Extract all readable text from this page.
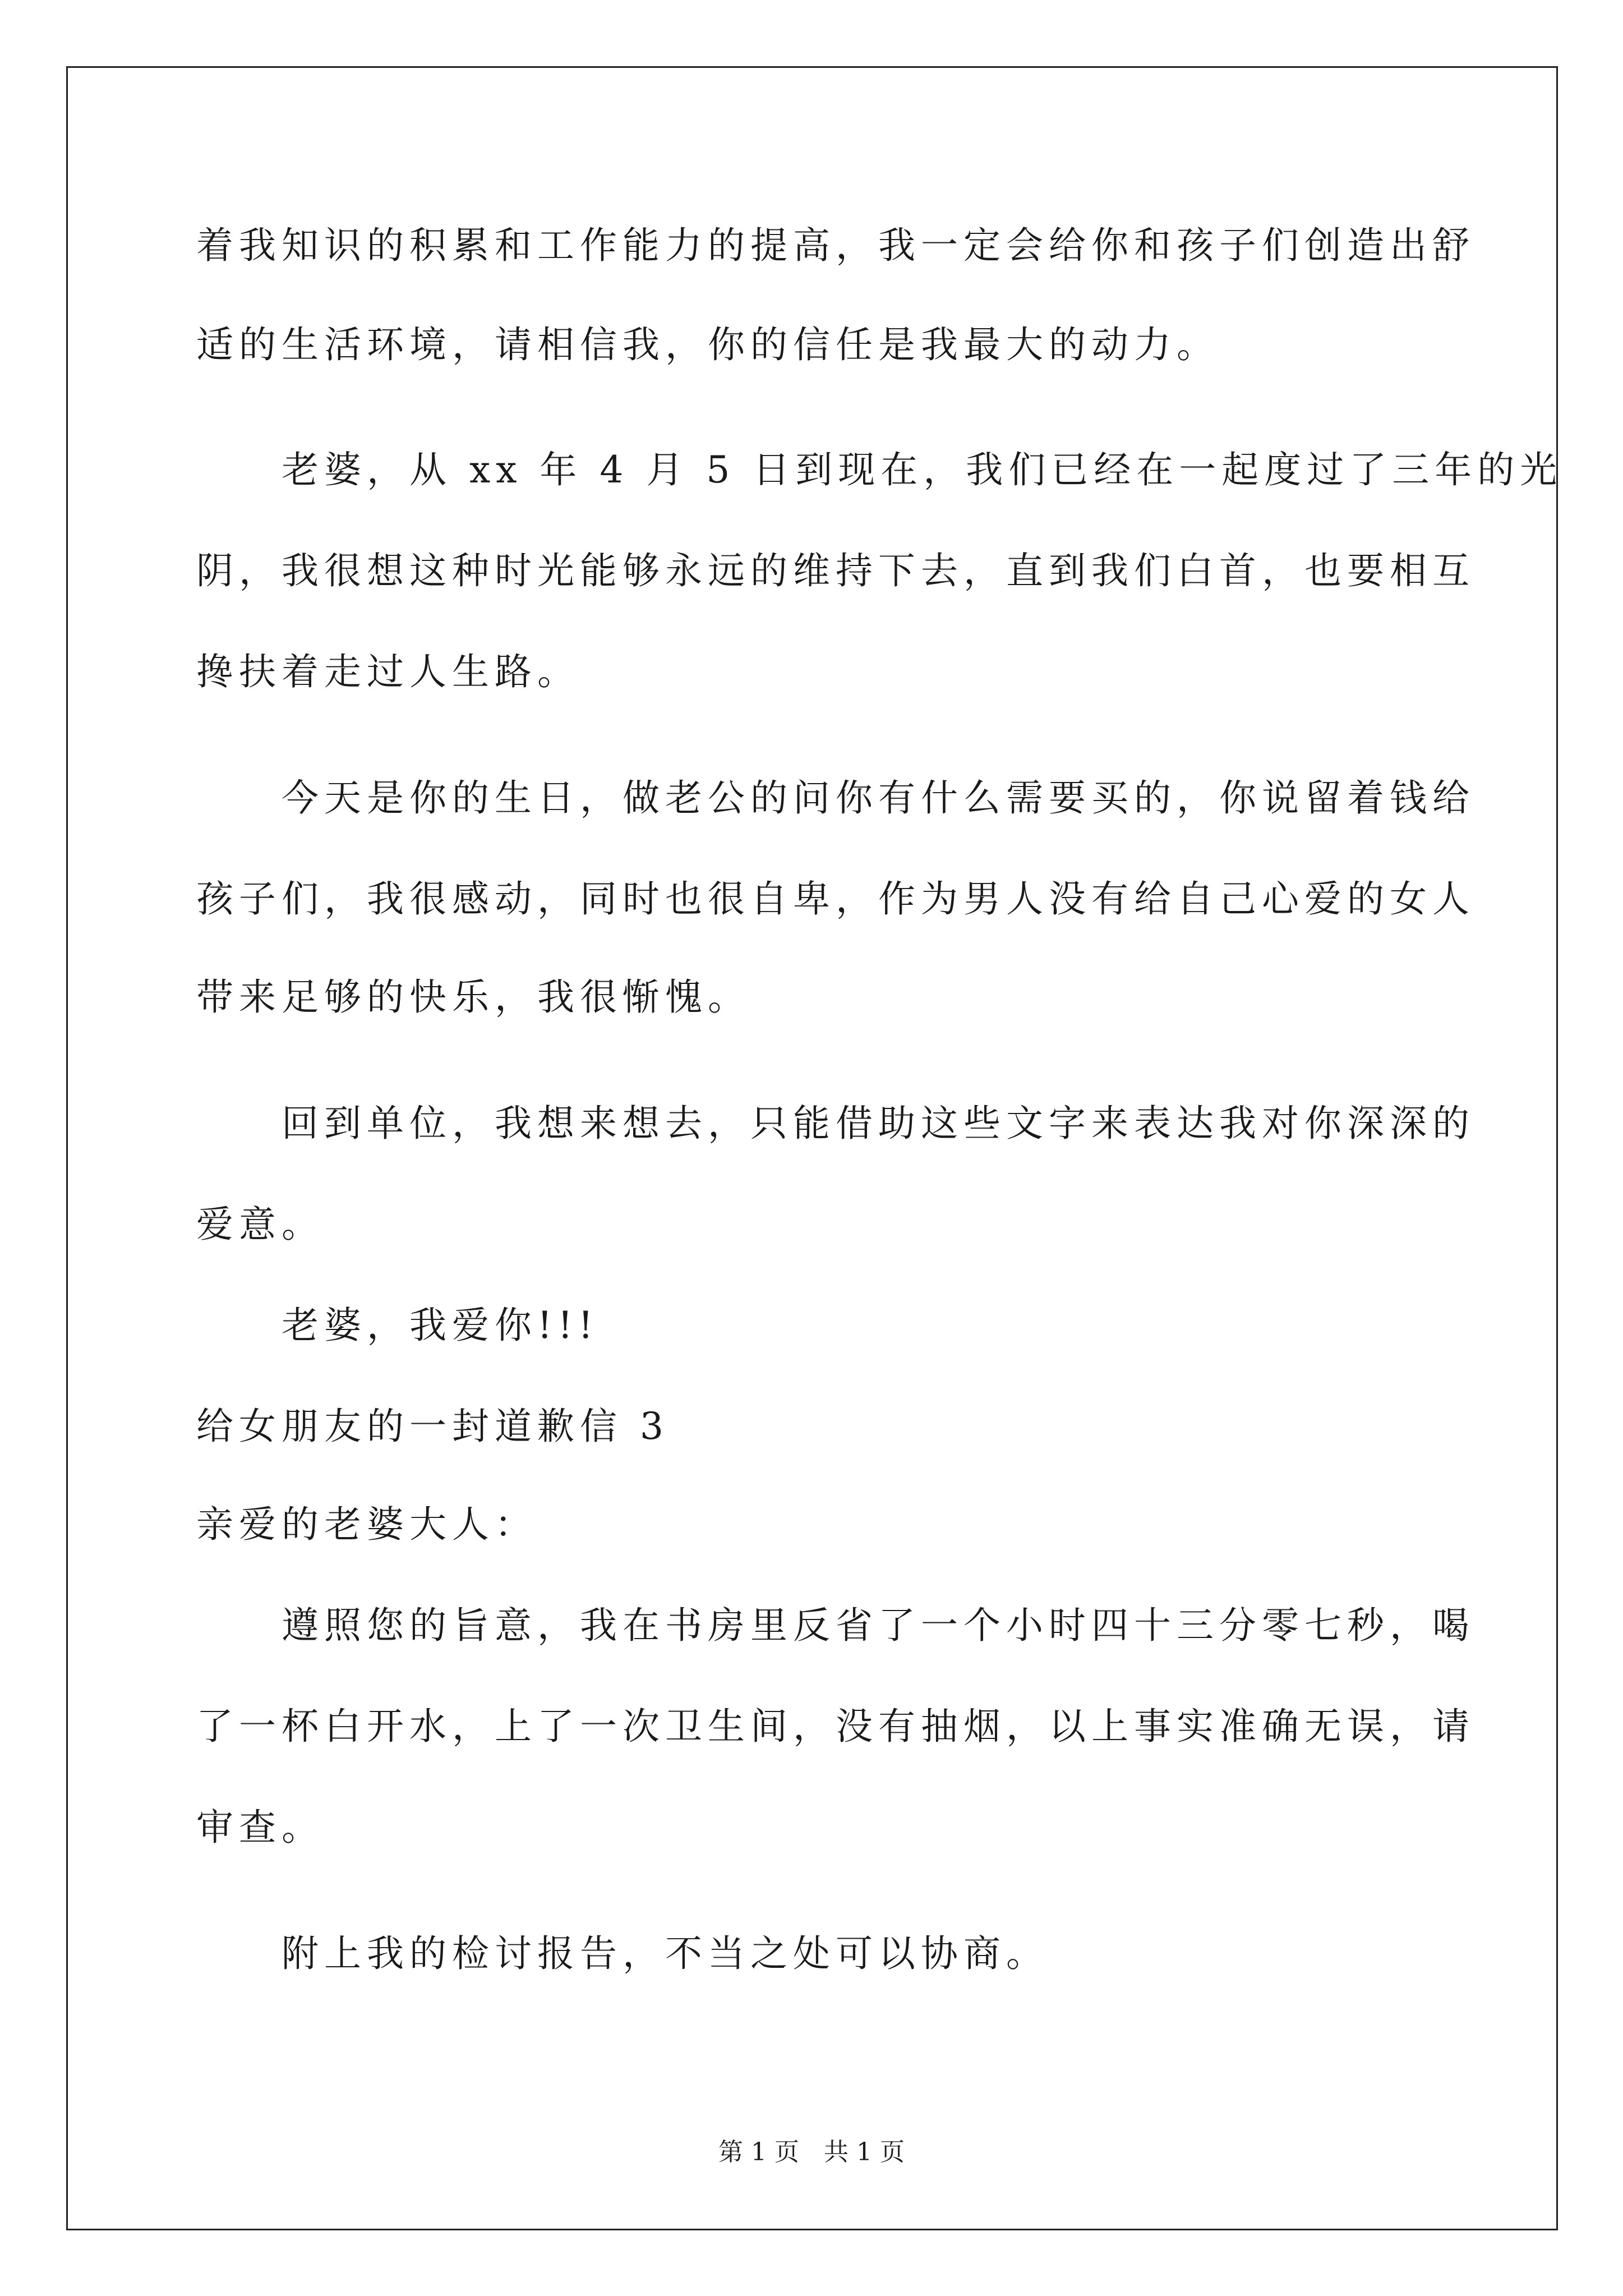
着我知识的积累和工作能力的提高，我一定会给你和孩子们创造出舒
适的生活环境，请相信我，你的信任是我最大的动力。
　　老婆，从 xx 年 4 月 5 日到现在，我们已经在一起度过了三年的光
阴，我很想这种时光能够永远的维持下去，直到我们白首，也要相互
搀扶着走过人生路。
　　今天是你的生日，做老公的问你有什么需要买的，你说留着钱给
孩子们，我很感动，同时也很自卑，作为男人没有给自己心爱的女人
带来足够的快乐，我很惭愧。
　　回到单位，我想来想去，只能借助这些文字来表达我对你深深的
爱意。
　　老婆，我爱你!!!
给女朋友的一封道歉信 3
亲爱的老婆大人：
　　遵照您的旨意，我在书房里反省了一个小时四十三分零七秒，喝
了一杯白开水，上了一次卫生间，没有抽烟，以上事实准确无误，请
审查。
　　附上我的检讨报告，不当之处可以协商。
第 1 页　共 1 页
